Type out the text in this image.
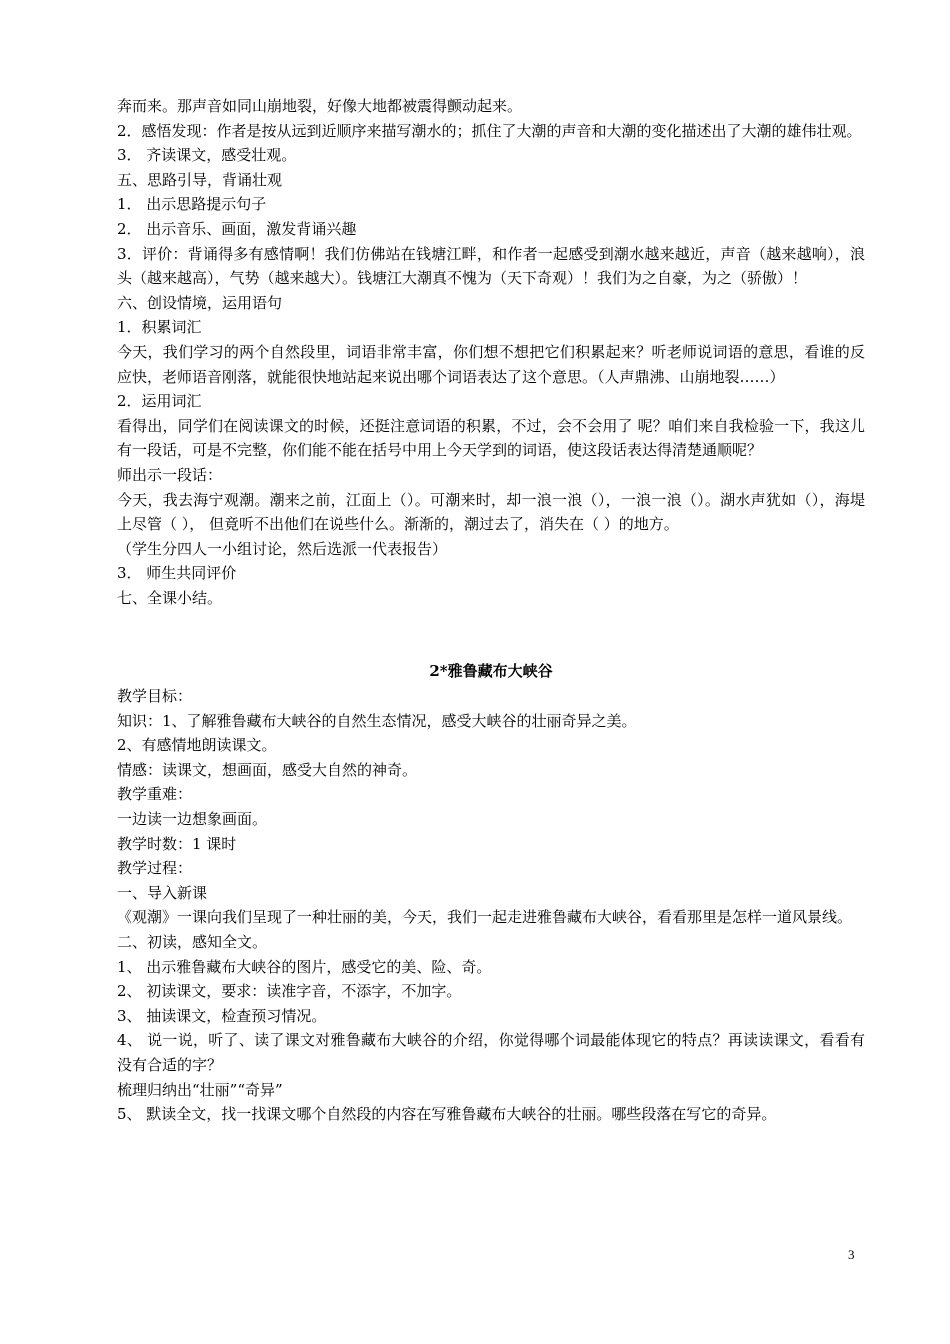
奔而来。那声音如同山崩地裂，好像大地都被震得颤动起来。

2．感悟发现：作者是按从远到近顺序来描写潮水的；抓住了大潮的声音和大潮的变化描述出了大潮的雄伟壮观。

3． 齐读课文，感受壮观。

五、思路引导，背诵壮观

1． 出示思路提示句子

2． 出示音乐、画面，激发背诵兴趣

3．评价：背诵得多有感情啊！我们仿佛站在钱塘江畔，和作者一起感受到潮水越来越近，声音（越来越响），浪头（越来越高），气势（越来越大）。钱塘江大潮真不愧为（天下奇观）！我们为之自豪，为之（骄傲）！

六、创设情境，运用语句

1．积累词汇

今天，我们学习的两个自然段里，词语非常丰富，你们想不想把它们积累起来？听老师说词语的意思，看谁的反应快，老师语音刚落，就能很快地站起来说出哪个词语表达了这个意思。（人声鼎沸、山崩地裂……）

2．运用词汇

看得出，同学们在阅读课文的时候，还挺注意词语的积累，不过，会不会用了 呢？咱们来自我检验一下，我这儿有一段话，可是不完整，你们能不能在括号中用上今天学到的词语，使这段话表达得清楚通顺呢？

师出示一段话：

今天，我去海宁观潮。潮来之前，江面上（）。可潮来时，却一浪一浪（），一浪一浪（）。湖水声犹如（），海堤上尽管（ ）， 但竟听不出他们在说些什么。渐渐的，潮过去了，消失在（ ）的地方。

（学生分四人一小组讨论，然后选派一代表报告）

3． 师生共同评价

七、全课小结。

2*雅鲁藏布大峡谷

教学目标：

知识：1、了解雅鲁藏布大峡谷的自然生态情况，感受大峡谷的壮丽奇异之美。

2、有感情地朗读课文。

情感：读课文，想画面，感受大自然的神奇。

教学重难：

一边读一边想象画面。

教学时数：1 课时

教学过程：

一、导入新课

《观潮》一课向我们呈现了一种壮丽的美，今天，我们一起走进雅鲁藏布大峡谷，看看那里是怎样一道风景线。

二、初读，感知全文。

1、 出示雅鲁藏布大峡谷的图片，感受它的美、险、奇。

2、 初读课文，要求：读准字音，不添字，不加字。

3、 抽读课文，检查预习情况。

4、 说一说，听了、读了课文对雅鲁藏布大峡谷的介绍，你觉得哪个词最能体现它的特点？再读读课文，看看有没有合适的字？

梳理归纳出“壮丽”“奇异”

5、 默读全文，找一找课文哪个自然段的内容在写雅鲁藏布大峡谷的壮丽。哪些段落在写它的奇异。

3
